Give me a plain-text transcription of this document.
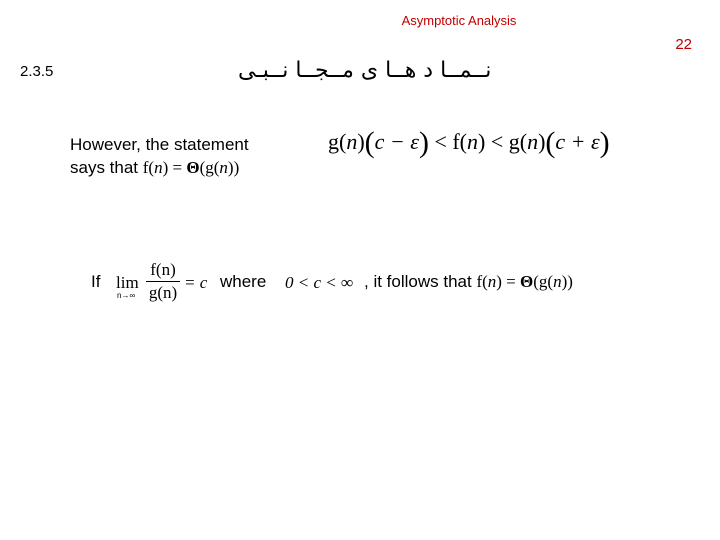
Asymptotic Analysis
22
2.3.5	نــمــا د هــا ی مــجــا نــبـی
However, the statement
says that f(n) = Θ(g(n))
g(n)(c − ε) < f(n) < g(n)(c + ε)
If lim
n→∞
f(n)
g(n)
= c where 0 < c < ∞ , it follows that f(n) = Θ(g(n))
